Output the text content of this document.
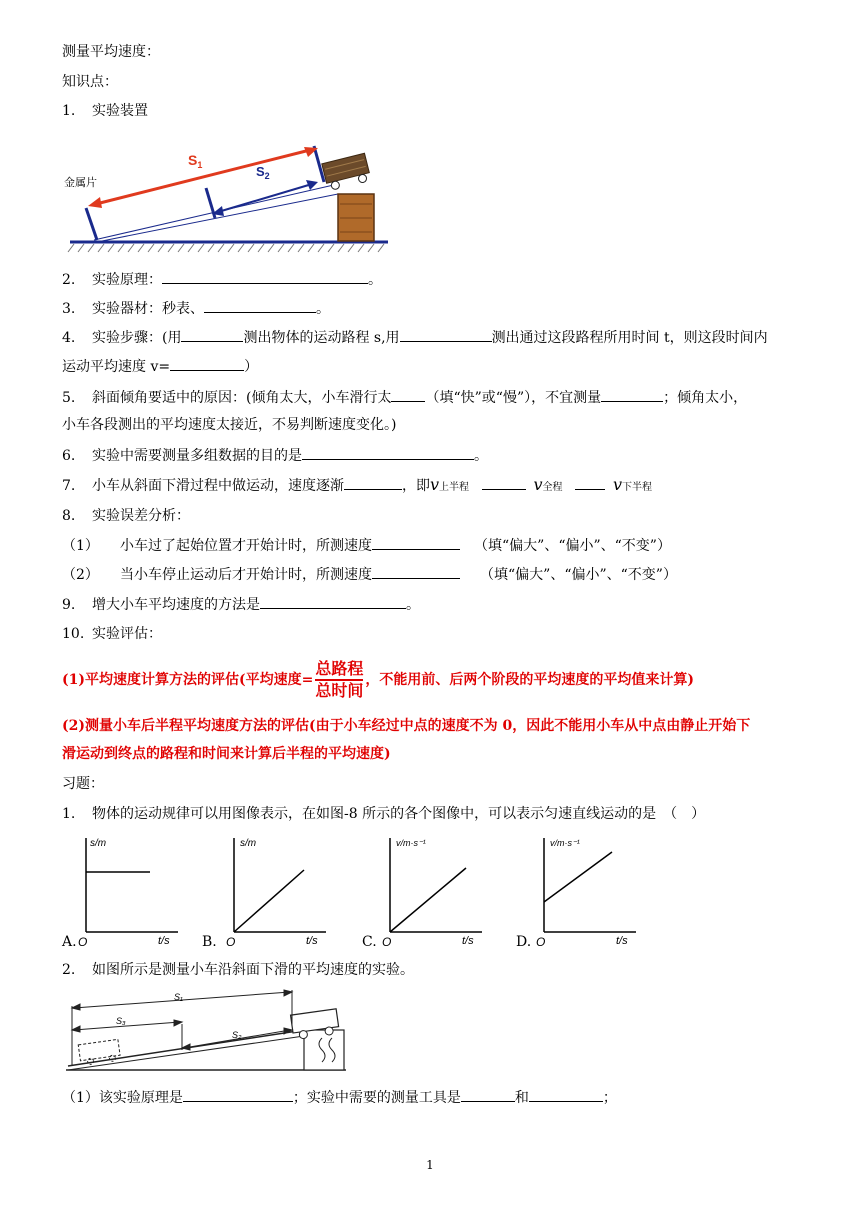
测量平均速度：
知识点：
1. 实验装置
$S_1$	$S_2$
金属片
2. 实验原理：	。
3. 实验器材：秒表、	。
4. 实验步骤：(用	测出物体的运动路程 s,用	测出通过这段路程所用时间 t，则这段时间内
运动平均速度 v=	）
5. 斜面倾角要适中的原因：(倾角太大，小车滑行太 （填“快”或“慢”），不宜测量	；倾角太小，
小车各段测出的平均速度太接近，不易判断速度变化。)
6. 实验中需要测量多组数据的目的是	。
7. 小车从斜面下滑过程中做运动，速度逐渐	，即v上半程	v全程	v下半程
8. 实验误差分析：
（1） 小车过了起始位置才开始计时，所测速度	（填“偏大”、“偏小”、“不变”）
（2） 当小车停止运动后才开始计时，所测速度	（填“偏大”、“偏小”、“不变”）
9. 增大小车平均速度的方法是	。
10. 实验评估：
(1)平均速度计算方法的评估(平均速度= $\frac{\text{总路程}}{\text{总时间}}$ ，不能用前、后两个阶段的平均速度的平均值来计算)
(2)测量小车后半程平均速度方法的评估(由于小车经过中点的速度不为 0，因此不能用小车从中点由静止开始下
滑运动到终点的路程和时间来计算后半程的平均速度)
习题：
1. 物体的运动规律可以用图像表示，在如图-8 所示的各个图像中，可以表示匀速直线运动的是　（　）
A.
s/m
t/s
O	B.
s/m
t/s
O	C.
v/m·s⁻¹
t/s
O	D.
v/m·s⁻¹
t/s
O
2. 如图所示是测量小车沿斜面下滑的平均速度的实验。
S₁
S₃
S₂
（1）该实验原理是	；实验中需要的测量工具是	和	；
1
